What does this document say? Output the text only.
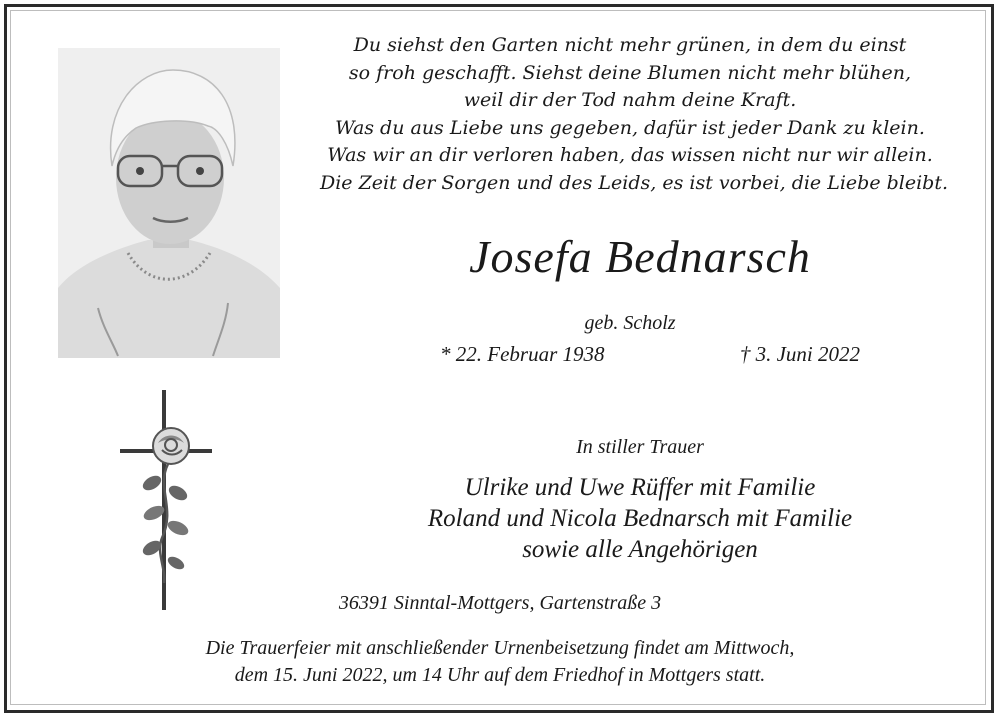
Du siehst den Garten nicht mehr grünen, in dem du einst
so froh geschafft. Siehst deine Blumen nicht mehr blühen,
weil dir der Tod nahm deine Kraft.
Was du aus Liebe uns gegeben, dafür ist jeder Dank zu klein.
Was wir an dir verloren haben, das wissen nicht nur wir allein.
Die Zeit der Sorgen und des Leids, es ist vorbei, die Liebe bleibt.
Josefa Bednarsch
geb. Scholz
* 22. Februar 1938	† 3. Juni 2022
In stiller Trauer
Ulrike und Uwe Rüffer mit Familie
Roland und Nicola Bednarsch mit Familie
sowie alle Angehörigen
36391 Sinntal-Mottgers, Gartenstraße 3
Die Trauerfeier mit anschließender Urnenbeisetzung findet am Mittwoch,
dem 15. Juni 2022, um 14 Uhr auf dem Friedhof in Mottgers statt.
